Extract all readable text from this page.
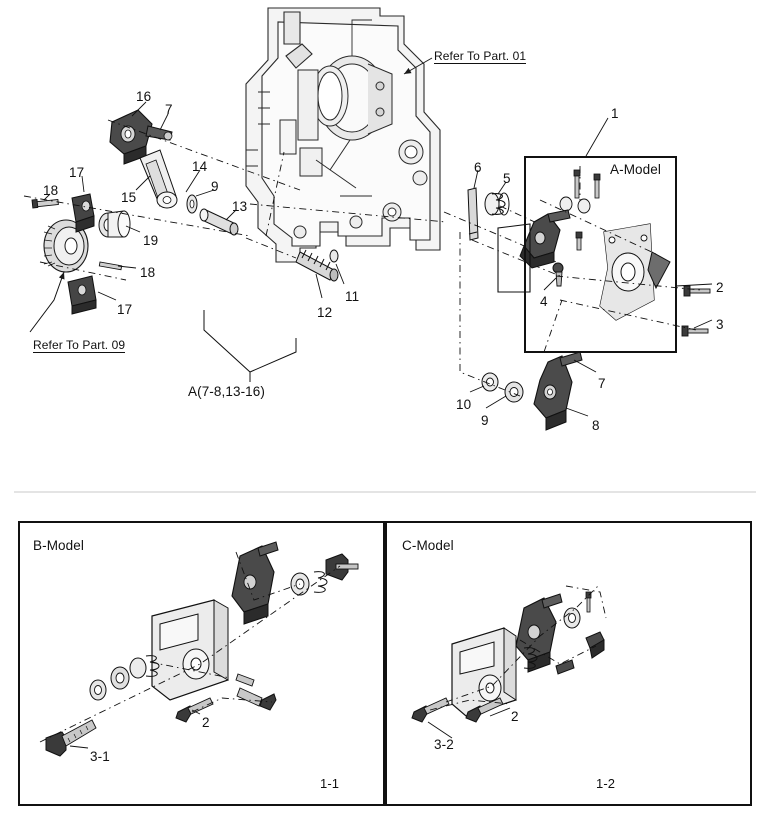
Refer To Part. 01
Refer To Part. 09
A-Model
B-Model	C-Model
1-1	1-2
A(7-8,13-16)
16
7
17	14
15
9
13
18
19
18
17	12
11
1
6
5
4
2
3
7
8
9
10
3-1
2
3-2
2
